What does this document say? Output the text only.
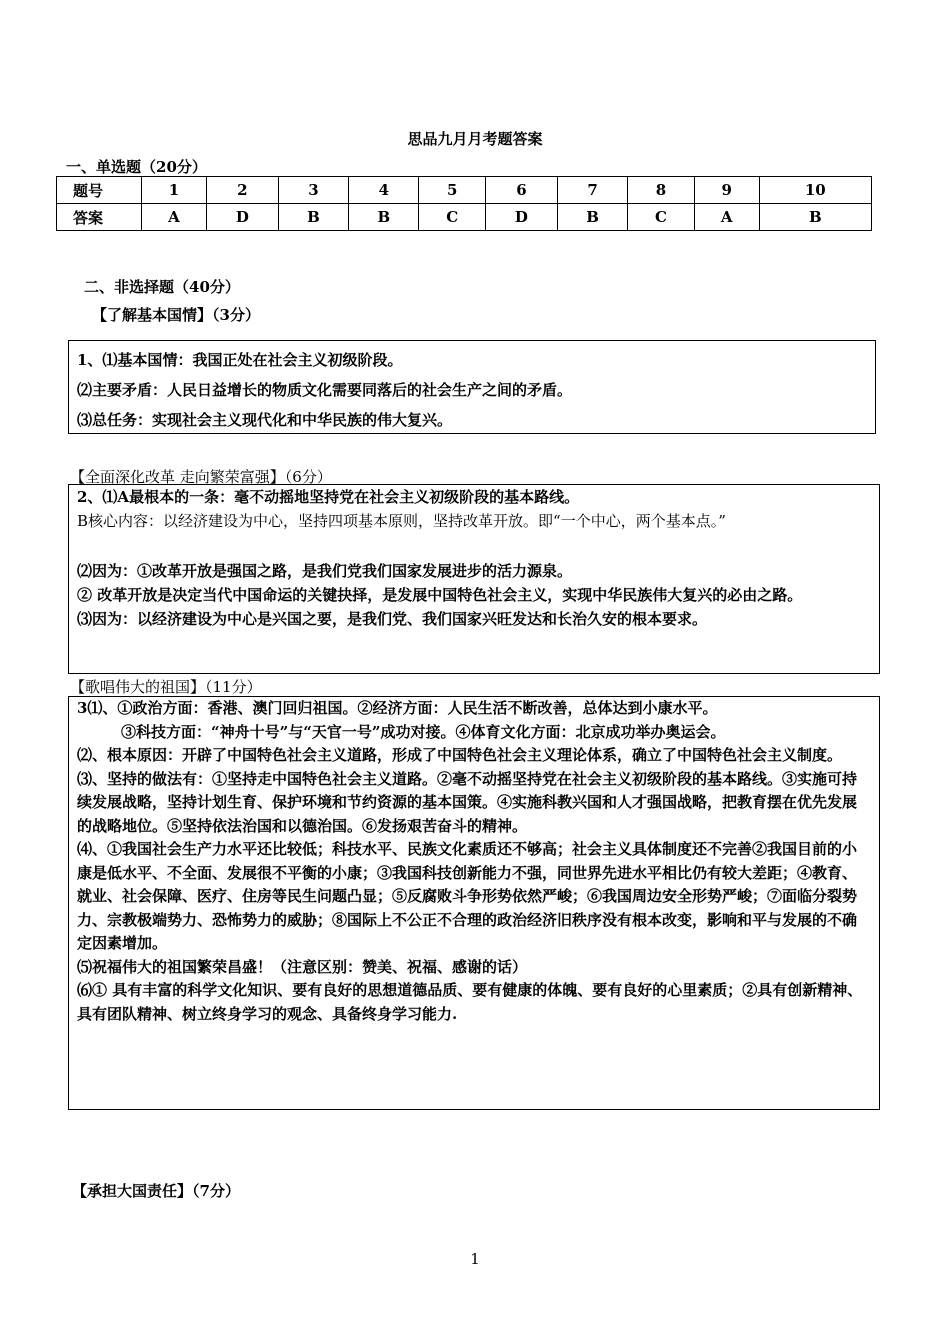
思品九月月考题答案
一、单选题（20分）
题号	1	2	3	4	5	6	7	8	9	10
答案	A	D	B	B	C	D	B	C	A	B
二、非选择题（40分）
【了解基本国情】（3分）

1、⑴基本国情：我国正处在社会主义初级阶段。

⑵主要矛盾：人民日益增长的物质文化需要同落后的社会生产之间的矛盾。

⑶总任务：实现社会主义现代化和中华民族的伟大复兴。

【全面深化改革 走向繁荣富强】（6分）

2、⑴A最根本的一条：毫不动摇地坚持党在社会主义初级阶段的基本路线。

B核心内容：以经济建设为中心，坚持四项基本原则，坚持改革开放。即“一个中心，两个基本点。”

⑵因为：①改革开放是强国之路，是我们党我们国家发展进步的活力源泉。

② 改革开放是决定当代中国命运的关键抉择，是发展中国特色社会主义，实现中华民族伟大复兴的必由之路。

⑶因为：以经济建设为中心是兴国之要，是我们党、我们国家兴旺发达和长治久安的根本要求。

【歌唱伟大的祖国】（11分）

3⑴、①政治方面：香港、澳门回归祖国。②经济方面：人民生活不断改善，总体达到小康水平。

③科技方面：“神舟十号”与“天官一号”成功对接。④体育文化方面：北京成功举办奥运会。

⑵、根本原因：开辟了中国特色社会主义道路，形成了中国特色社会主义理论体系，确立了中国特色社会主义制度。

⑶、坚持的做法有：①坚持走中国特色社会主义道路。②毫不动摇坚持党在社会主义初级阶段的基本路线。③实施可持续发展战略，坚持计划生育、保护环境和节约资源的基本国策。④实施科教兴国和人才强国战略，把教育摆在优先发展的战略地位。⑤坚持依法治国和以德治国。⑥发扬艰苦奋斗的精神。

⑷、①我国社会生产力水平还比较低；科技水平、民族文化素质还不够高；社会主义具体制度还不完善②我国目前的小康是低水平、不全面、发展很不平衡的小康；③我国科技创新能力不强，同世界先进水平相比仍有较大差距；④教育、就业、社会保障、医疗、住房等民生问题凸显；⑤反腐败斗争形势依然严峻；⑥我国周边安全形势严峻；⑦面临分裂势力、宗教极端势力、恐怖势力的威胁；⑧国际上不公正不合理的政治经济旧秩序没有根本改变，影响和平与发展的不确定因素增加。

⑸祝福伟大的祖国繁荣昌盛！（注意区别：赞美、祝福、感谢的话）

⑹① 具有丰富的科学文化知识、要有良好的思想道德品质、要有健康的体魄、要有良好的心里素质；②具有创新精神、具有团队精神、树立终身学习的观念、具备终身学习能力.

【承担大国责任】（7分）
1
